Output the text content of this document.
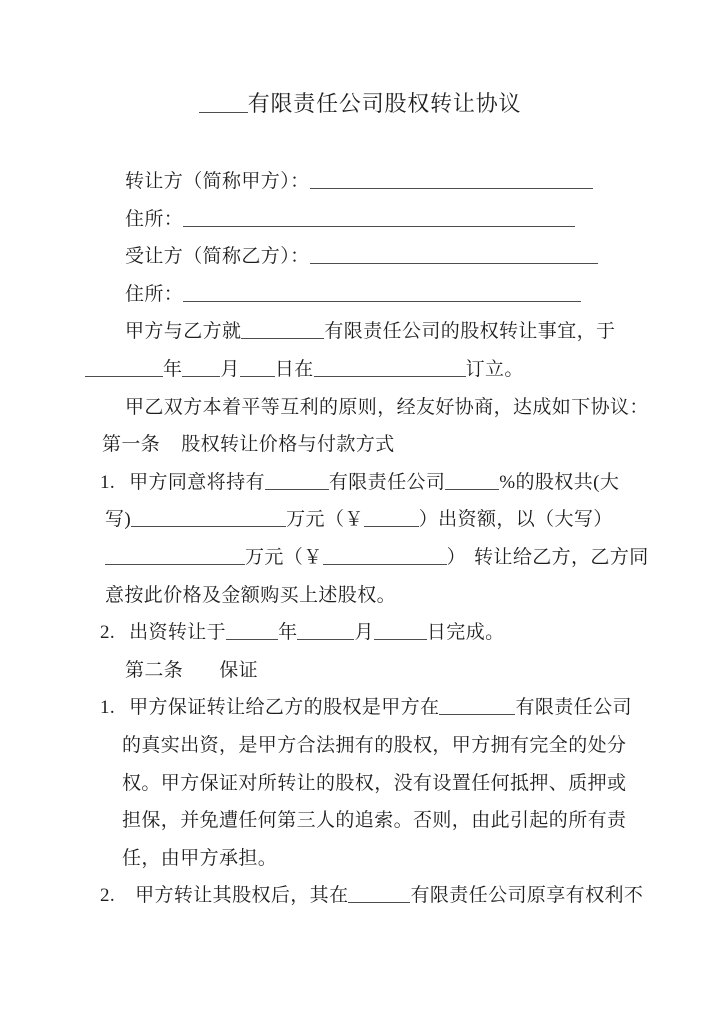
有限责任公司股权转让协议
转让方（简称甲方）：
住所：
受让方（简称乙方）：
住所：
甲方与乙方就	有限责任公司的股权转让事宜，于
年 月 日在	订立。
甲乙双方本着平等互利的原则，经友好协商，达成如下协议：
第一条 股权转让价格与付款方式
1. 甲方同意将持有	有限责任公司	%的股权共(大
写)	万元（￥	）出资额，以（大写）
万元（￥	） 转让给乙方，乙方同
意按此价格及金额购买上述股权。
2. 出资转让于	年	月	日完成。
第二条 保证
1. 甲方保证转让给乙方的股权是甲方在	有限责任公司
的真实出资，是甲方合法拥有的股权，甲方拥有完全的处分
权。甲方保证对所转让的股权，没有设置任何抵押、质押或
担保，并免遭任何第三人的追索。否则，由此引起的所有责
任，由甲方承担。
2. 甲方转让其股权后，其在	有限责任公司原享有权利不
